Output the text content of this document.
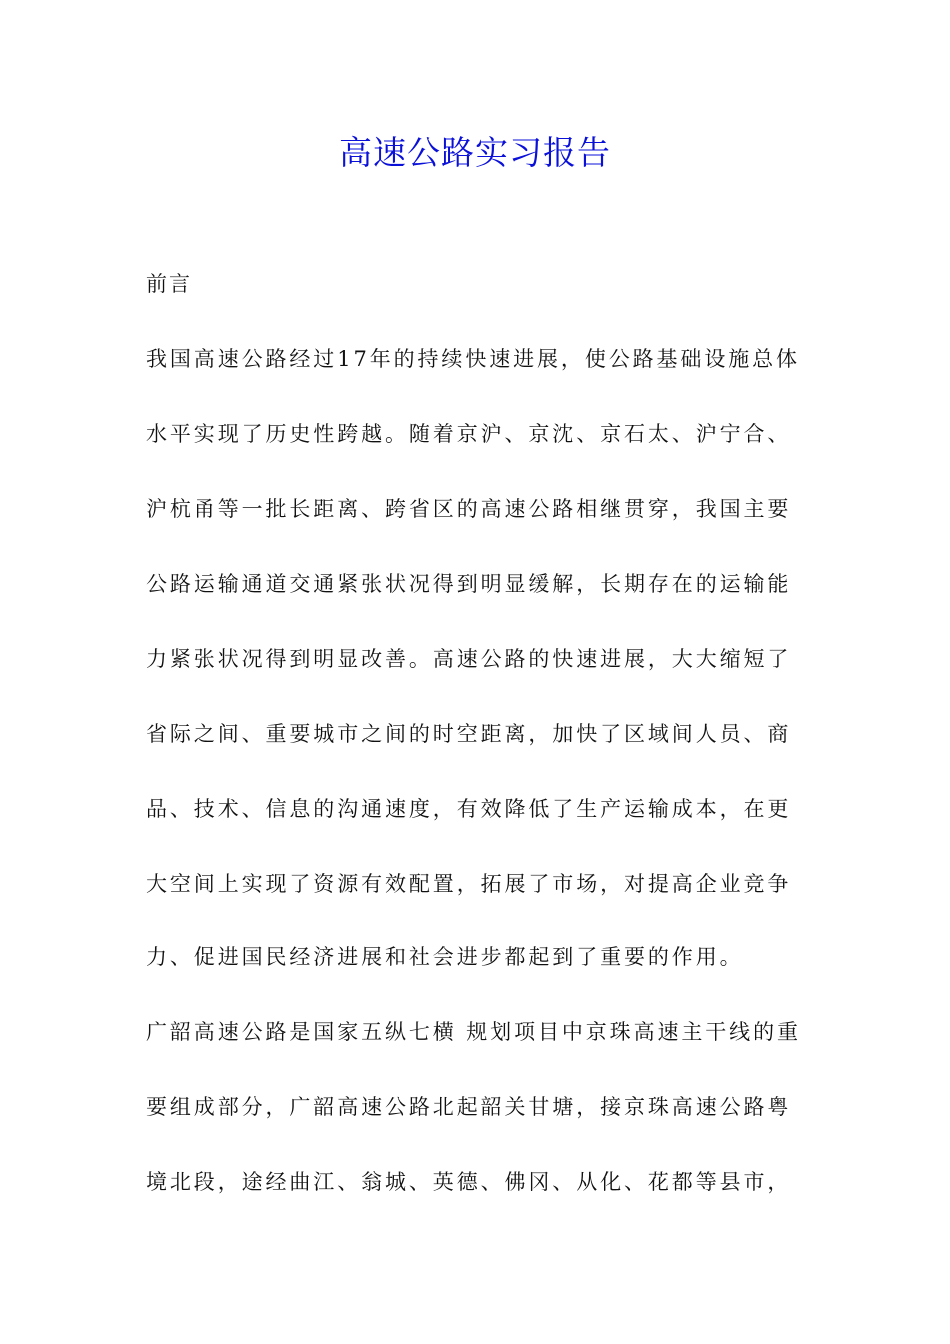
高速公路实习报告
前言
我国高速公路经过17年的持续快速进展，使公路基础设施总体
水平实现了历史性跨越。随着京沪、京沈、京石太、沪宁合、
沪杭甬等一批长距离、跨省区的高速公路相继贯穿，我国主要
公路运输通道交通紧张状况得到明显缓解，长期存在的运输能
力紧张状况得到明显改善。高速公路的快速进展，大大缩短了
省际之间、重要城市之间的时空距离，加快了区域间人员、商
品、技术、信息的沟通速度，有效降低了生产运输成本，在更
大空间上实现了资源有效配置，拓展了市场，对提高企业竞争
力、促进国民经济进展和社会进步都起到了重要的作用。
广韶高速公路是国家五纵七横 规划项目中京珠高速主干线的重
要组成部分，广韶高速公路北起韶关甘塘，接京珠高速公路粤
境北段，途经曲江、翁城、英德、佛冈、从化、花都等县市，
